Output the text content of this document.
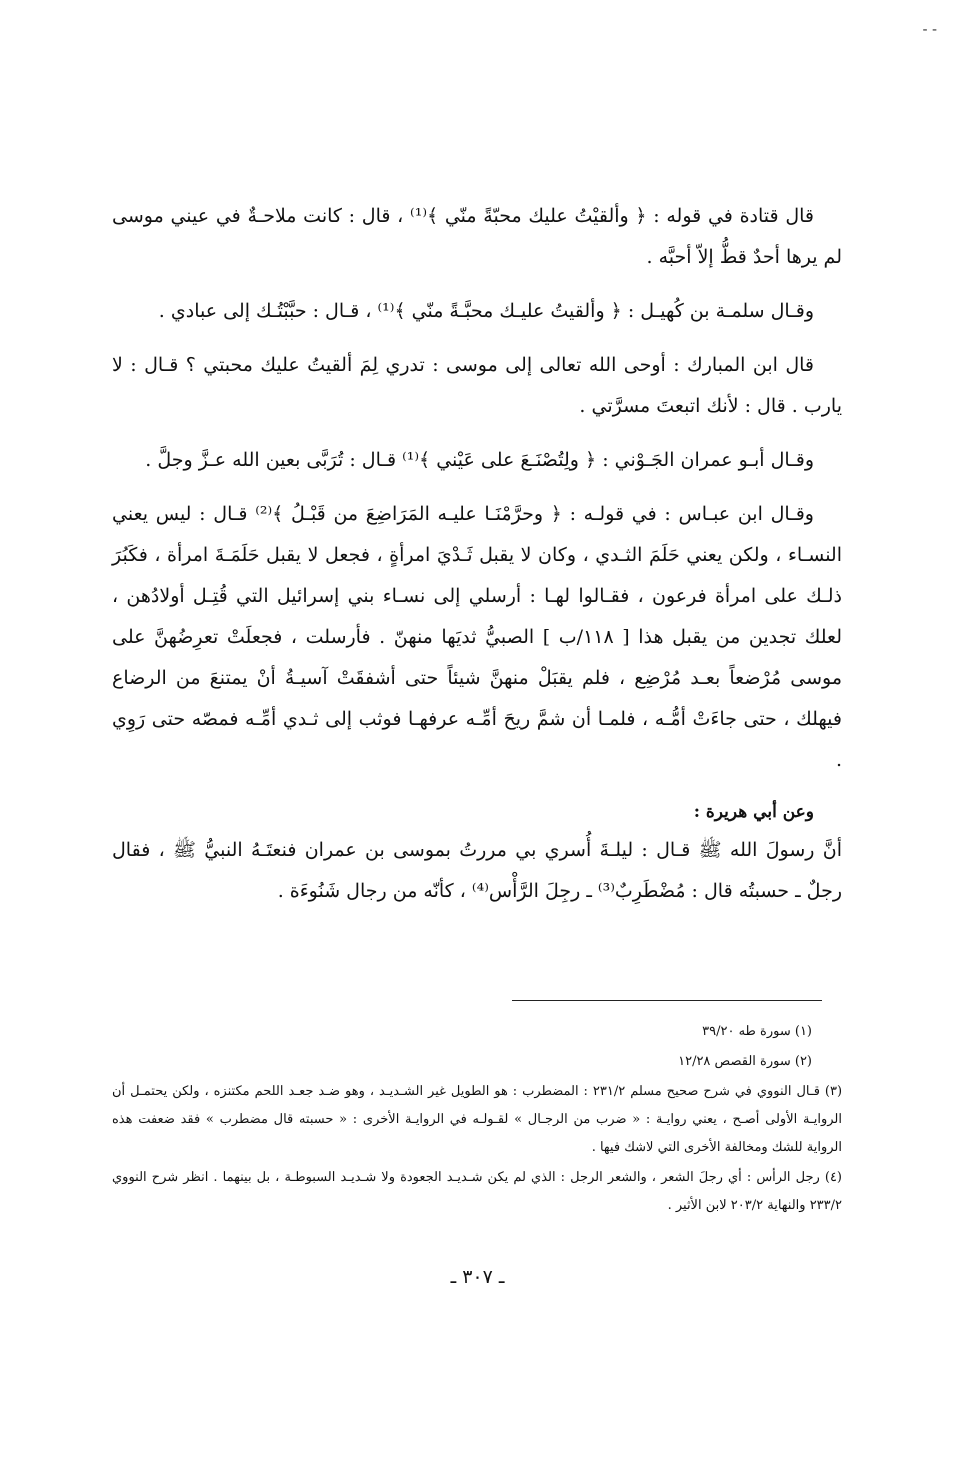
- -

قال قتادة في قوله : ﴿ وألقيْتُ عليك محبّةً منّي ﴾⁽¹⁾ ، قال : كانت ملاحـةٌ في عيني موسى لم يرها أحدٌ قطُّ إلاّ أحبَّه .

وقـال سلمـة بن كُهيـل : ﴿ وألقيتُ عليـك محبَّـةً منّي ﴾⁽¹⁾ ، قـال : حبَّبْتُـك إلى عبادي .

قال ابن المبارك : أوحى الله تعالى إلى موسى : تدري لِمَ ألقيتُ عليك محبتي ؟ قـال : لا يارب . قال : لأنك اتبعتَ مسرَّتي .

وقـال أبـو عمران الجَـوْني : ﴿ ولِتُصْنَـعَ على عَيْني ﴾⁽¹⁾ قـال : تُرَبَّى بعين الله عـزَّ وجلَّ .

وقـال ابن عبـاس : في قولـه : ﴿ وحرَّمْنَـا عليـه المَرَاضِعَ من قَبْـلُ ﴾⁽²⁾ قـال : ليس يعني النسـاء ، ولكن يعني حَلَمَ الثـدي ، وكان لا يقبل ثَـدْيَ امرأةٍ ، فجعل لا يقبل حَلَمَـةَ امرأة ، فكَبُرَ ذلـك على امرأة فرعون ، فقـالوا لهـا : أرسلي إلى نسـاء بني إسرائيل التي قُتِـل أولادُهن ، لعلك تجدين من يقبل هذا [ ١١٨/ب ] الصبيُّ ثديَها منهنّ . فأرسلت ، فجعلَتْ تعرِضُهنَّ على موسى مُرْضعاً بعـد مُرْضِع ، فلم يقبَلْ منهنَّ شيئاً حتى أشفقَتْ آسيـةُ أنْ يمتنعَ من الرضاع فيهلك ، حتى جاءَتْ أمُّـه ، فلمـا أن شمَّ ريحَ أمِّـه عرفهـا فوثب إلى ثـدي أمِّـه فمصّه حتى رَوِي .

وعن أبي هريرة :

أنَّ رسولَ الله ﷺ قـال : ليلـةَ أُسري بي مررتُ بموسى بن عمران فنعتَـهُ النبيُّ ﷺ ، فقال رجلٌ ـ حسبتُه قال : مُضْطَرِبٌ⁽³⁾ ـ رجِلَ الرَّأْس⁽⁴⁾ ، كأنّه من رجال شَنُوءَة .

(١) سورة طه ٣٩/٢٠

(٢) سورة القصص ١٢/٢٨

(٣) قـال النووي في شرح صحيح مسلم ٢٣١/٢ : المضطرب : هو الطويل غير الشـديـد ، وهو ضـد جعـد اللحم مكتنزه ، ولكن يحتمـل أن الروايـة الأولى أصـح ، يعني روايـة : « ضرب من الرجـال » لقـولـه في الروايـة الأخرى : « حسبته قال مضطرب » فقد ضعفت هذه الرواية للشك ومخالفة الأخرى التي لاشك فيها .

(٤) رجل الرأس : أي رجلَ الشعر ، والشعر الرجل : الذي لم يكن شـديـد الجعودة ولا شـديـد السبوطـة ، بل بينهما . انظر شرح النووي ٢٣٣/٢ والنهاية ٢٠٣/٢ لابن الأثير .

ـ ٣٠٧ ـ
